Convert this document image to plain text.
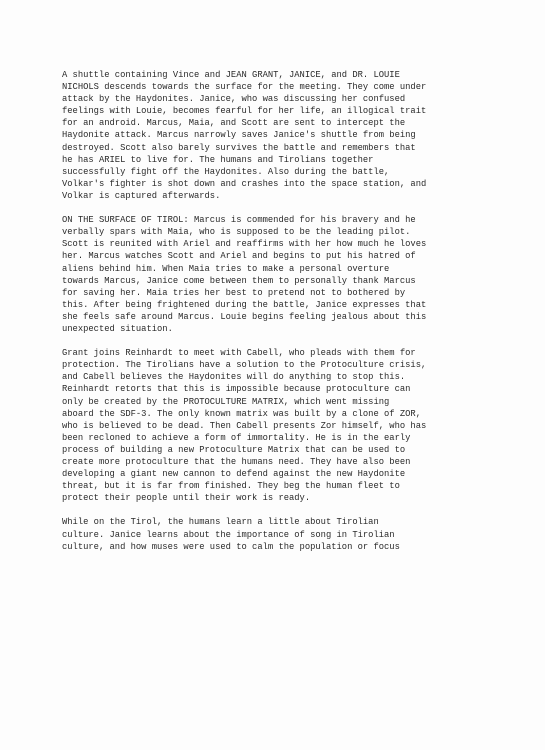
A shuttle containing Vince and JEAN GRANT, JANICE, and DR. LOUIE
NICHOLS descends towards the surface for the meeting. They come under
attack by the Haydonites. Janice, who was discussing her confused
feelings with Louie, becomes fearful for her life, an illogical trait
for an android. Marcus, Maia, and Scott are sent to intercept the
Haydonite attack. Marcus narrowly saves Janice's shuttle from being
destroyed. Scott also barely survives the battle and remembers that
he has ARIEL to live for. The humans and Tirolians together
successfully fight off the Haydonites. Also during the battle,
Volkar's fighter is shot down and crashes into the space station, and
Volkar is captured afterwards.
ON THE SURFACE OF TIROL: Marcus is commended for his bravery and he
verbally spars with Maia, who is supposed to be the leading pilot.
Scott is reunited with Ariel and reaffirms with her how much he loves
her. Marcus watches Scott and Ariel and begins to put his hatred of
aliens behind him. When Maia tries to make a personal overture
towards Marcus, Janice come between them to personally thank Marcus
for saving her. Maia tries her best to pretend not to bothered by
this. After being frightened during the battle, Janice expresses that
she feels safe around Marcus. Louie begins feeling jealous about this
unexpected situation.
Grant joins Reinhardt to meet with Cabell, who pleads with them for
protection. The Tirolians have a solution to the Protoculture crisis,
and Cabell believes the Haydonites will do anything to stop this.
Reinhardt retorts that this is impossible because protoculture can
only be created by the PROTOCULTURE MATRIX, which went missing
aboard the SDF-3. The only known matrix was built by a clone of ZOR,
who is believed to be dead. Then Cabell presents Zor himself, who has
been recloned to achieve a form of immortality. He is in the early
process of building a new Protoculture Matrix that can be used to
create more protoculture that the humans need. They have also been
developing a giant new cannon to defend against the new Haydonite
threat, but it is far from finished. They beg the human fleet to
protect their people until their work is ready.
While on the Tirol, the humans learn a little about Tirolian
culture. Janice learns about the importance of song in Tirolian
culture, and how muses were used to calm the population or focus
